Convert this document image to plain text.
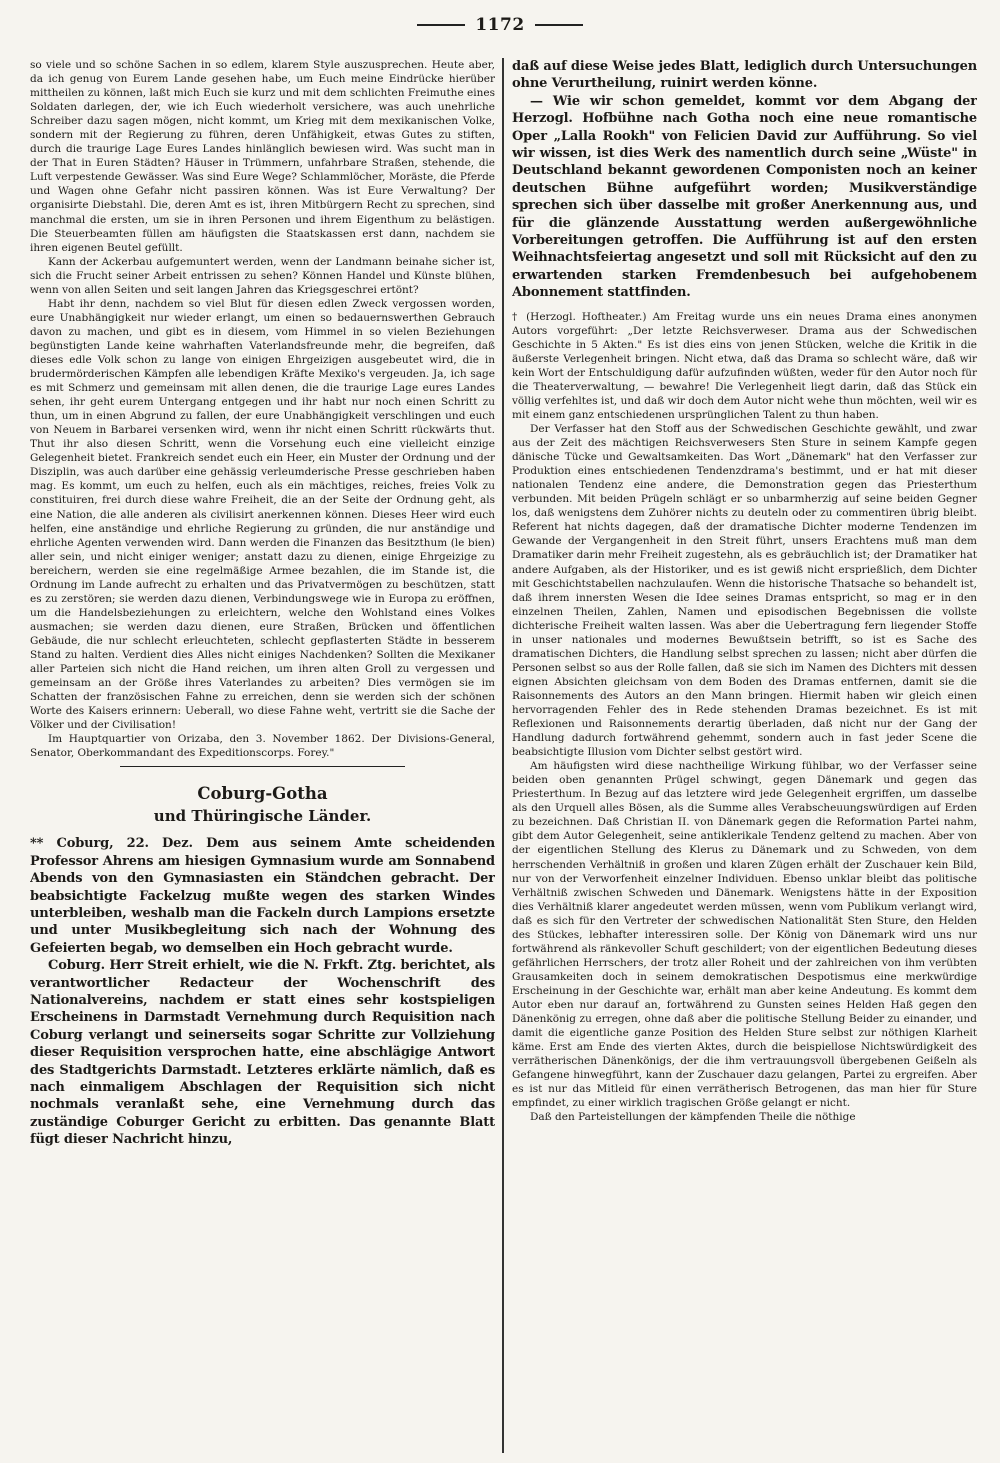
1172

so viele und so schöne Sachen in so edlem, klarem Style auszusprechen. Heute aber, da ich genug von Eurem Lande gesehen habe, um Euch meine Eindrücke hierüber mittheilen zu können, laßt mich Euch sie kurz und mit dem schlichten Freimuthe eines Soldaten darlegen, der, wie ich Euch wiederholt versichere, was auch unehrliche Schreiber dazu sagen mögen, nicht kommt, um Krieg mit dem mexikanischen Volke, sondern mit der Regierung zu führen, deren Unfähigkeit, etwas Gutes zu stiften, durch die traurige Lage Eures Landes hinlänglich bewiesen wird. Was sucht man in der That in Euren Städten? Häuser in Trümmern, unfahrbare Straßen, stehende, die Luft verpestende Gewässer. Was sind Eure Wege? Schlammlöcher, Moräste, die Pferde und Wagen ohne Gefahr nicht passiren können. Was ist Eure Verwaltung? Der organisirte Diebstahl. Die, deren Amt es ist, ihren Mitbürgern Recht zu sprechen, sind manchmal die ersten, um sie in ihren Personen und ihrem Eigenthum zu belästigen. Die Steuerbeamten füllen am häufigsten die Staatskassen erst dann, nachdem sie ihren eigenen Beutel gefüllt.

Kann der Ackerbau aufgemuntert werden, wenn der Landmann beinahe sicher ist, sich die Frucht seiner Arbeit entrissen zu sehen? Können Handel und Künste blühen, wenn von allen Seiten und seit langen Jahren das Kriegsgeschrei ertönt?

Habt ihr denn, nachdem so viel Blut für diesen edlen Zweck vergossen worden, eure Unabhängigkeit nur wieder erlangt, um einen so bedauernswerthen Gebrauch davon zu machen, und gibt es in diesem, vom Himmel in so vielen Beziehungen begünstigten Lande keine wahrhaften Vaterlandsfreunde mehr, die begreifen, daß dieses edle Volk schon zu lange von einigen Ehrgeizigen ausgebeutet wird, die in brudermörderischen Kämpfen alle lebendigen Kräfte Mexiko's vergeuden. Ja, ich sage es mit Schmerz und gemeinsam mit allen denen, die die traurige Lage eures Landes sehen, ihr geht eurem Untergang entgegen und ihr habt nur noch einen Schritt zu thun, um in einen Abgrund zu fallen, der eure Unabhängigkeit verschlingen und euch von Neuem in Barbarei versenken wird, wenn ihr nicht einen Schritt rückwärts thut. Thut ihr also diesen Schritt, wenn die Vorsehung euch eine vielleicht einzige Gelegenheit bietet. Frankreich sendet euch ein Heer, ein Muster der Ordnung und der Disziplin, was auch darüber eine gehässig verleumderische Presse geschrieben haben mag. Es kommt, um euch zu helfen, euch als ein mächtiges, reiches, freies Volk zu constituiren, frei durch diese wahre Freiheit, die an der Seite der Ordnung geht, als eine Nation, die alle anderen als civilisirt anerkennen können. Dieses Heer wird euch helfen, eine anständige und ehrliche Regierung zu gründen, die nur anständige und ehrliche Agenten verwenden wird. Dann werden die Finanzen das Besitzthum (le bien) aller sein, und nicht einiger weniger; anstatt dazu zu dienen, einige Ehrgeizige zu bereichern, werden sie eine regelmäßige Armee bezahlen, die im Stande ist, die Ordnung im Lande aufrecht zu erhalten und das Privatvermögen zu beschützen, statt es zu zerstören; sie werden dazu dienen, Verbindungswege wie in Europa zu eröffnen, um die Handelsbeziehungen zu erleichtern, welche den Wohlstand eines Volkes ausmachen; sie werden dazu dienen, eure Straßen, Brücken und öffentlichen Gebäude, die nur schlecht erleuchteten, schlecht gepflasterten Städte in besserem Stand zu halten. Verdient dies Alles nicht einiges Nachdenken? Sollten die Mexikaner aller Parteien sich nicht die Hand reichen, um ihren alten Groll zu vergessen und gemeinsam an der Größe ihres Vaterlandes zu arbeiten? Dies vermögen sie im Schatten der französischen Fahne zu erreichen, denn sie werden sich der schönen Worte des Kaisers erinnern: Ueberall, wo diese Fahne weht, vertritt sie die Sache der Völker und der Civilisation!

Im Hauptquartier von Orizaba, den 3. November 1862. Der Divisions-General, Senator, Oberkommandant des Expeditionscorps. Forey."

Coburg-Gotha
und Thüringische Länder.

** Coburg, 22. Dez. Dem aus seinem Amte scheidenden Professor Ahrens am hiesigen Gymnasium wurde am Sonnabend Abends von den Gymnasiasten ein Ständchen gebracht. Der beabsichtigte Fackelzug mußte wegen des starken Windes unterbleiben, weshalb man die Fackeln durch Lampions ersetzte und unter Musikbegleitung sich nach der Wohnung des Gefeierten begab, wo demselben ein Hoch gebracht wurde.

Coburg. Herr Streit erhielt, wie die N. Frkft. Ztg. berichtet, als verantwortlicher Redacteur der Wochenschrift des Nationalvereins, nachdem er statt eines sehr kostspieligen Erscheinens in Darmstadt Vernehmung durch Requisition nach Coburg verlangt und seinerseits sogar Schritte zur Vollziehung dieser Requisition versprochen hatte, eine abschlägige Antwort des Stadtgerichts Darmstadt. Letzteres erklärte nämlich, daß es nach einmaligem Abschlagen der Requisition sich nicht nochmals veranlaßt sehe, eine Vernehmung durch das zuständige Coburger Gericht zu erbitten. Das genannte Blatt fügt dieser Nachricht hinzu,

daß auf diese Weise jedes Blatt, lediglich durch Untersuchungen ohne Verurtheilung, ruinirt werden könne.

— Wie wir schon gemeldet, kommt vor dem Abgang der Herzogl. Hofbühne nach Gotha noch eine neue romantische Oper „Lalla Rookh" von Felicien David zur Aufführung. So viel wir wissen, ist dies Werk des namentlich durch seine „Wüste" in Deutschland bekannt gewordenen Componisten noch an keiner deutschen Bühne aufgeführt worden; Musikverständige sprechen sich über dasselbe mit großer Anerkennung aus, und für die glänzende Ausstattung werden außergewöhnliche Vorbereitungen getroffen. Die Aufführung ist auf den ersten Weihnachtsfeiertag angesetzt und soll mit Rücksicht auf den zu erwartenden starken Fremdenbesuch bei aufgehobenem Abonnement stattfinden.

† (Herzogl. Hoftheater.) Am Freitag wurde uns ein neues Drama eines anonymen Autors vorgeführt: „Der letzte Reichsverweser. Drama aus der Schwedischen Geschichte in 5 Akten." Es ist dies eins von jenen Stücken, welche die Kritik in die äußerste Verlegenheit bringen. Nicht etwa, daß das Drama so schlecht wäre, daß wir kein Wort der Entschuldigung dafür aufzufinden wüßten, weder für den Autor noch für die Theaterverwaltung, — bewahre! Die Verlegenheit liegt darin, daß das Stück ein völlig verfehltes ist, und daß wir doch dem Autor nicht wehe thun möchten, weil wir es mit einem ganz entschiedenen ursprünglichen Talent zu thun haben.

Der Verfasser hat den Stoff aus der Schwedischen Geschichte gewählt, und zwar aus der Zeit des mächtigen Reichsverwesers Sten Sture in seinem Kampfe gegen dänische Tücke und Gewaltsamkeiten. Das Wort „Dänemark" hat den Verfasser zur Produktion eines entschiedenen Tendenzdrama's bestimmt, und er hat mit dieser nationalen Tendenz eine andere, die Demonstration gegen das Priesterthum verbunden. Mit beiden Prügeln schlägt er so unbarmherzig auf seine beiden Gegner los, daß wenigstens dem Zuhörer nichts zu deuteln oder zu commentiren übrig bleibt. Referent hat nichts dagegen, daß der dramatische Dichter moderne Tendenzen im Gewande der Vergangenheit in den Streit führt, unsers Erachtens muß man dem Dramatiker darin mehr Freiheit zugestehn, als es gebräuchlich ist; der Dramatiker hat andere Aufgaben, als der Historiker, und es ist gewiß nicht ersprießlich, dem Dichter mit Geschichtstabellen nachzulaufen. Wenn die historische Thatsache so behandelt ist, daß ihrem innersten Wesen die Idee seines Dramas entspricht, so mag er in den einzelnen Theilen, Zahlen, Namen und episodischen Begebnissen die vollste dichterische Freiheit walten lassen. Was aber die Uebertragung fern liegender Stoffe in unser nationales und modernes Bewußtsein betrifft, so ist es Sache des dramatischen Dichters, die Handlung selbst sprechen zu lassen; nicht aber dürfen die Personen selbst so aus der Rolle fallen, daß sie sich im Namen des Dichters mit dessen eignen Absichten gleichsam von dem Boden des Dramas entfernen, damit sie die Raisonnements des Autors an den Mann bringen. Hiermit haben wir gleich einen hervorragenden Fehler des in Rede stehenden Dramas bezeichnet. Es ist mit Reflexionen und Raisonnements derartig überladen, daß nicht nur der Gang der Handlung dadurch fortwährend gehemmt, sondern auch in fast jeder Scene die beabsichtigte Illusion vom Dichter selbst gestört wird.

Am häufigsten wird diese nachtheilige Wirkung fühlbar, wo der Verfasser seine beiden oben genannten Prügel schwingt, gegen Dänemark und gegen das Priesterthum. In Bezug auf das letztere wird jede Gelegenheit ergriffen, um dasselbe als den Urquell alles Bösen, als die Summe alles Verabscheuungswürdigen auf Erden zu bezeichnen. Daß Christian II. von Dänemark gegen die Reformation Partei nahm, gibt dem Autor Gelegenheit, seine antiklerikale Tendenz geltend zu machen. Aber von der eigentlichen Stellung des Klerus zu Dänemark und zu Schweden, von dem herrschenden Verhältniß in großen und klaren Zügen erhält der Zuschauer kein Bild, nur von der Verworfenheit einzelner Individuen. Ebenso unklar bleibt das politische Verhältniß zwischen Schweden und Dänemark. Wenigstens hätte in der Exposition dies Verhältniß klarer angedeutet werden müssen, wenn vom Publikum verlangt wird, daß es sich für den Vertreter der schwedischen Nationalität Sten Sture, den Helden des Stückes, lebhafter interessiren solle. Der König von Dänemark wird uns nur fortwährend als ränkevoller Schuft geschildert; von der eigentlichen Bedeutung dieses gefährlichen Herrschers, der trotz aller Roheit und der zahlreichen von ihm verübten Grausamkeiten doch in seinem demokratischen Despotismus eine merkwürdige Erscheinung in der Geschichte war, erhält man aber keine Andeutung. Es kommt dem Autor eben nur darauf an, fortwährend zu Gunsten seines Helden Haß gegen den Dänenkönig zu erregen, ohne daß aber die politische Stellung Beider zu einander, und damit die eigentliche ganze Position des Helden Sture selbst zur nöthigen Klarheit käme. Erst am Ende des vierten Aktes, durch die beispiellose Nichtswürdigkeit des verrätherischen Dänenkönigs, der die ihm vertrauungsvoll übergebenen Geißeln als Gefangene hinwegführt, kann der Zuschauer dazu gelangen, Partei zu ergreifen. Aber es ist nur das Mitleid für einen verrätherisch Betrogenen, das man hier für Sture empfindet, zu einer wirklich tragischen Größe gelangt er nicht.

Daß den Parteistellungen der kämpfenden Theile die nöthige
